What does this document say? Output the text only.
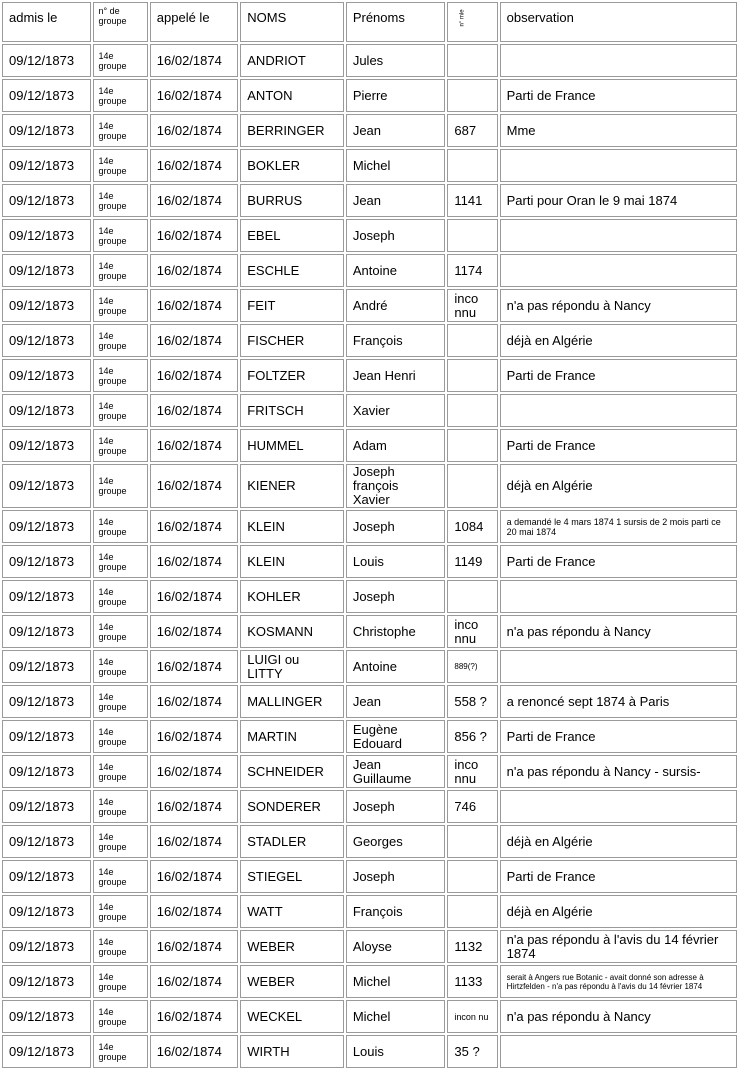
admis le	n° de groupe	appelé le	NOMS	Prénoms	n° mle	observation
09/12/1873	14e groupe	16/02/1874	ANDRIOT	Jules		
09/12/1873	14e groupe	16/02/1874	ANTON	Pierre		Parti de France
09/12/1873	14e groupe	16/02/1874	BERRINGER	Jean	687	Mme
09/12/1873	14e groupe	16/02/1874	BOKLER	Michel		
09/12/1873	14e groupe	16/02/1874	BURRUS	Jean	1141	Parti pour Oran le 9 mai 1874
09/12/1873	14e groupe	16/02/1874	EBEL	Joseph		
09/12/1873	14e groupe	16/02/1874	ESCHLE	Antoine	1174	
09/12/1873	14e groupe	16/02/1874	FEIT	André	inco nnu	n'a pas répondu à Nancy
09/12/1873	14e groupe	16/02/1874	FISCHER	François		déjà en Algérie
09/12/1873	14e groupe	16/02/1874	FOLTZER	Jean Henri		Parti de France
09/12/1873	14e groupe	16/02/1874	FRITSCH	Xavier		
09/12/1873	14e groupe	16/02/1874	HUMMEL	Adam		Parti de France
09/12/1873	14e groupe	16/02/1874	KIENER	Joseph françois Xavier		déjà en Algérie
09/12/1873	14e groupe	16/02/1874	KLEIN	Joseph	1084	a demandé le 4 mars 1874 1 sursis de 2 mois parti ce 20 mai 1874
09/12/1873	14e groupe	16/02/1874	KLEIN	Louis	1149	Parti de France
09/12/1873	14e groupe	16/02/1874	KOHLER	Joseph		
09/12/1873	14e groupe	16/02/1874	KOSMANN	Christophe	inco nnu	n'a pas répondu à Nancy
09/12/1873	14e groupe	16/02/1874	LUIGI ou LITTY	Antoine	889(?)	
09/12/1873	14e groupe	16/02/1874	MALLINGER	Jean	558 ?	a renoncé sept 1874 à Paris
09/12/1873	14e groupe	16/02/1874	MARTIN	Eugène Edouard	856 ?	Parti de France
09/12/1873	14e groupe	16/02/1874	SCHNEIDER	Jean Guillaume	inco nnu	n'a pas répondu à Nancy - sursis-
09/12/1873	14e groupe	16/02/1874	SONDERER	Joseph	746	
09/12/1873	14e groupe	16/02/1874	STADLER	Georges		déjà en Algérie
09/12/1873	14e groupe	16/02/1874	STIEGEL	Joseph		Parti de France
09/12/1873	14e groupe	16/02/1874	WATT	François		déjà en Algérie
09/12/1873	14e groupe	16/02/1874	WEBER	Aloyse	1132	n'a pas répondu à l'avis du 14 février 1874
09/12/1873	14e groupe	16/02/1874	WEBER	Michel	1133	serait à Angers rue Botanic - avait donné son adresse à Hirtzfelden - n'a pas répondu à l'avis du 14 février 1874
09/12/1873	14e groupe	16/02/1874	WECKEL	Michel	incon nu	n'a pas répondu à Nancy
09/12/1873	14e groupe	16/02/1874	WIRTH	Louis	35 ?	
